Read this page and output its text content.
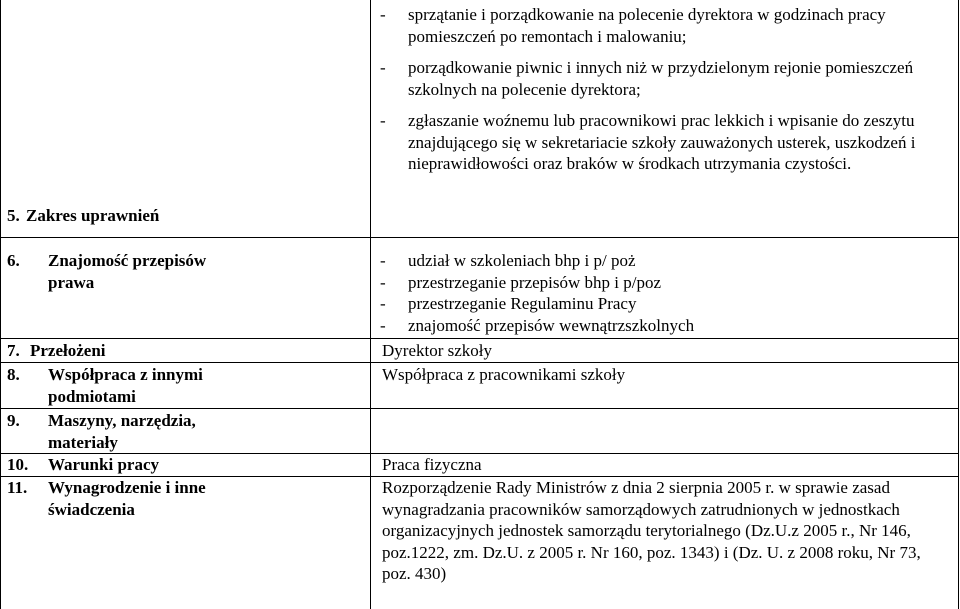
- sprzątanie i porządkowanie na polecenie dyrektora w godzinach pracy pomieszczeń po remontach i malowaniu;
- porządkowanie piwnic i innych niż w przydzielonym rejonie pomieszczeń szkolnych na polecenie dyrektora;
- zgłaszanie woźnemu lub pracownikowi prac lekkich i wpisanie do zeszytu znajdującego się w sekretariacie szkoły zauważonych usterek, uszkodzeń i nieprawidłowości oraz braków w środkach utrzymania czystości.
5. Zakres uprawnień
6. Znajomość przepisów prawa
- udział w szkoleniach bhp i p/ poż
- przestrzeganie przepisów bhp i p/poz
- przestrzeganie Regulaminu Pracy
- znajomość przepisów wewnątrzszkolnych
7. Przełożeni	Dyrektor szkoły
8. Współpraca z innymi podmiotami
Współpraca z pracownikami szkoły
9. Maszyny, narzędzia, materiały
10. Warunki pracy	Praca fizyczna
11. Wynagrodzenie i inne świadczenia
Rozporządzenie Rady Ministrów z dnia 2 sierpnia 2005 r. w sprawie zasad wynagradzania pracowników samorządowych zatrudnionych w jednostkach organizacyjnych jednostek samorządu terytorialnego (Dz.U.z 2005 r., Nr 146, poz.1222, zm. Dz.U. z 2005 r. Nr 160, poz. 1343) i (Dz. U. z 2008 roku, Nr 73, poz. 430)
